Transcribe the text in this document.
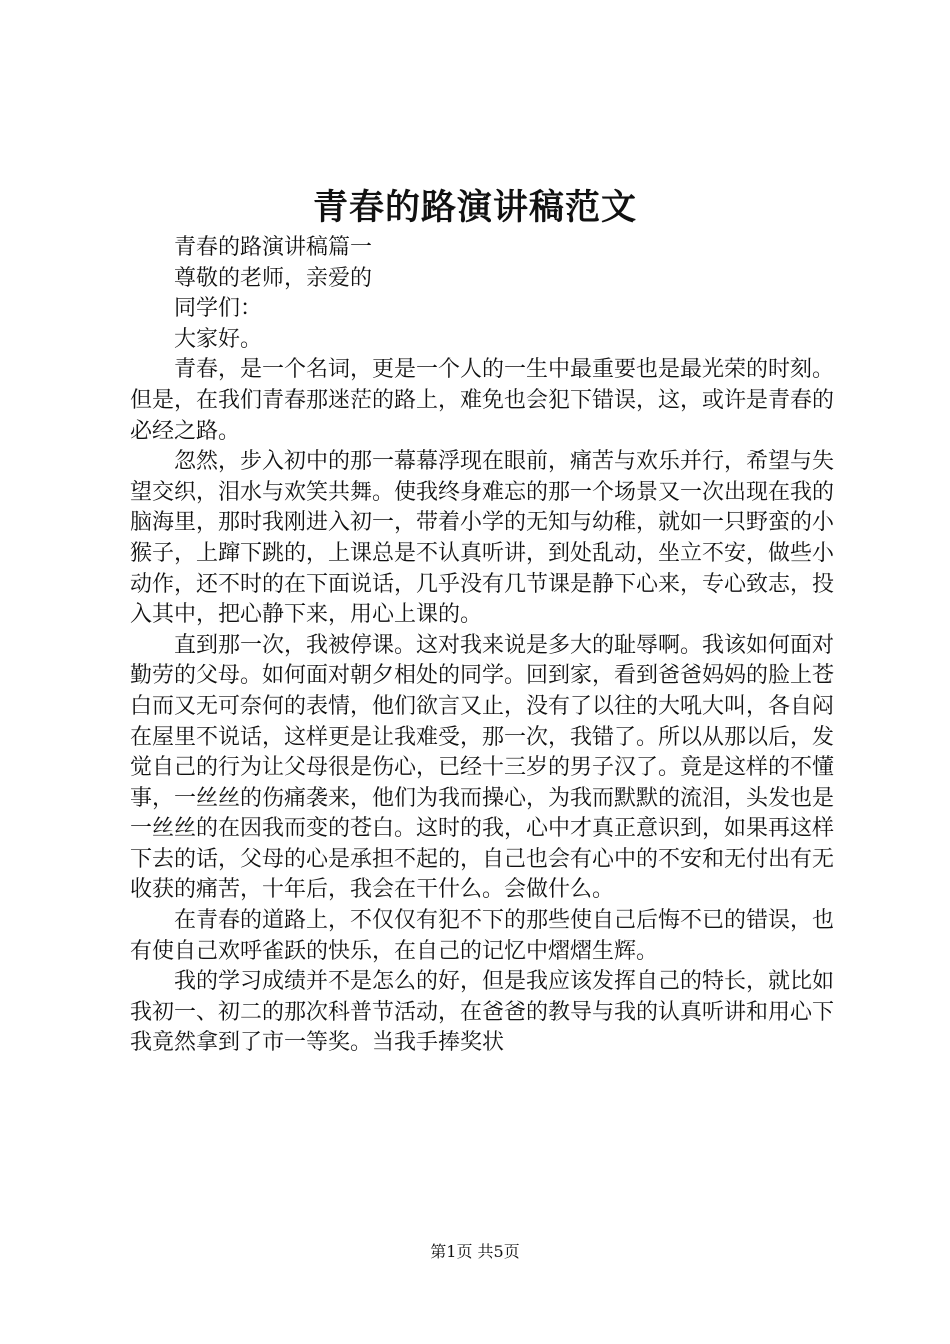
青春的路演讲稿范文

青春的路演讲稿篇一

尊敬的老师，亲爱的

同学们：

大家好。

青春，是一个名词，更是一个人的一生中最重要也是最光荣的时刻。但是，在我们青春那迷茫的路上，难免也会犯下错误，这，或许是青春的必经之路。

忽然，步入初中的那一幕幕浮现在眼前，痛苦与欢乐并行，希望与失望交织，泪水与欢笑共舞。使我终身难忘的那一个场景又一次出现在我的脑海里，那时我刚进入初一，带着小学的无知与幼稚，就如一只野蛮的小猴子，上蹿下跳的，上课总是不认真听讲，到处乱动，坐立不安，做些小动作，还不时的在下面说话，几乎没有几节课是静下心来，专心致志，投入其中，把心静下来，用心上课的。

直到那一次，我被停课。这对我来说是多大的耻辱啊。我该如何面对勤劳的父母。如何面对朝夕相处的同学。回到家，看到爸爸妈妈的脸上苍白而又无可奈何的表情，他们欲言又止，没有了以往的大吼大叫，各自闷在屋里不说话，这样更是让我难受，那一次，我错了。所以从那以后，发觉自己的行为让父母很是伤心，已经十三岁的男子汉了。竟是这样的不懂事，一丝丝的伤痛袭来，他们为我而操心，为我而默默的流泪，头发也是一丝丝的在因我而变的苍白。这时的我，心中才真正意识到，如果再这样下去的话，父母的心是承担不起的，自己也会有心中的不安和无付出有无收获的痛苦，十年后，我会在干什么。会做什么。

在青春的道路上，不仅仅有犯不下的那些使自己后悔不已的错误，也有使自己欢呼雀跃的快乐，在自己的记忆中熠熠生辉。

我的学习成绩并不是怎么的好，但是我应该发挥自己的特长，就比如我初一、初二的那次科普节活动，在爸爸的教导与我的认真听讲和用心下我竟然拿到了市一等奖。当我手捧奖状

第1页 共5页
